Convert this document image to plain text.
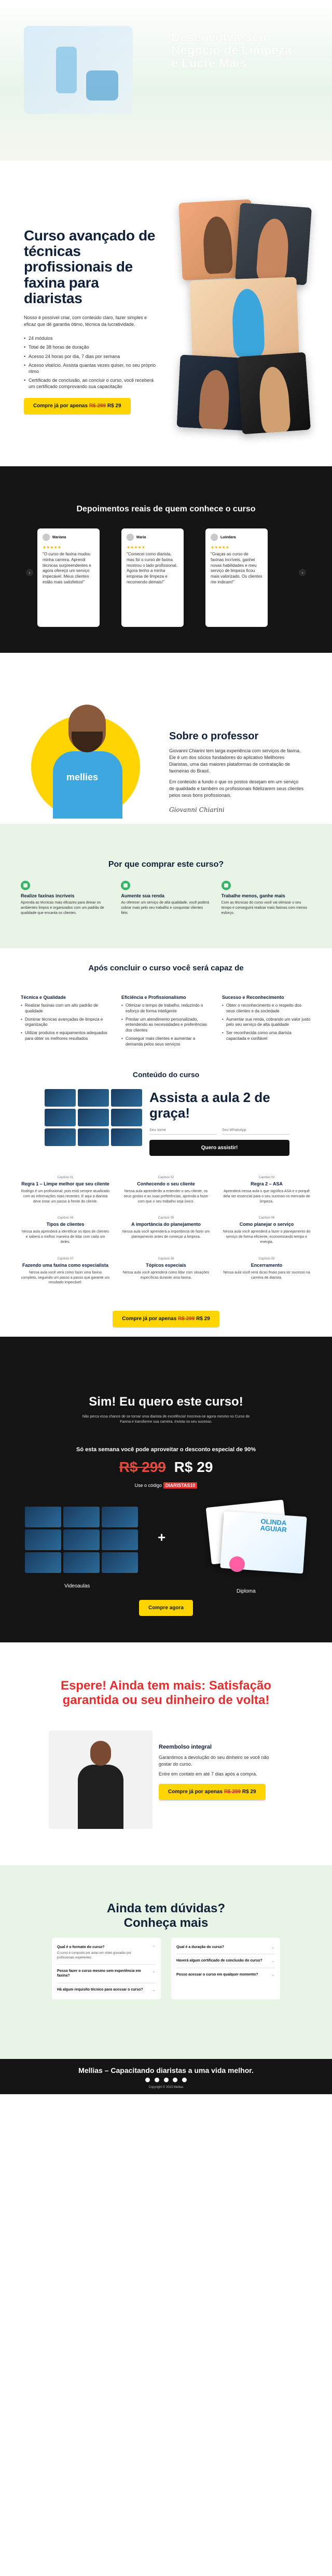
Desenvolva Seu Negócio de Limpeza e Lucre Mais
Curso avançado de técnicas profissionais de faxina para diaristas
Nosso é possível criar, com conteúdo claro, fazer simples e eficaz que dê garantia ótimo, técnica da lucratividade.
• 24 módulos
• Total de 38 horas de duração
• Acesso 24 horas por dia, 7 dias por semana
• Acesso vitalício. Assista quantas vezes quiser, no seu próprio ritmo
• Certificado de conclusão, ao concluir o curso, você receberá um certificado comprovando sua capacitação
Compre já por apenas R$ 299 R$ 29
Depoimentos reais de quem conhece o curso
‹
Mariana
★★★★★
"O curso de faxina mudou minha carreira. Aprendi técnicas surpreendentes e agora ofereço um serviço impecável. Meus clientes estão mais satisfeitos!"
Maria
★★★★★
"Comecei como diarista, mas foi o curso de faxina mostrou o lado profissional. Agora tenho a minha empresa de limpeza e recomendo demais!"
Luíndara
★★★★★
"Graças ao curso de faxinas incríveis, ganhei novas habilidades e meu serviço de limpeza ficou mais valorizado. Os clientes me indicam!"
›
mellies
Sobre o professor
Giovanni Chiarini tem larga experiência com serviços de faxina. Ele é um dos sócios fundadores do aplicativo Mellhores Diaristas, uma das maiores plataformas de contratação de faxineiras do Brasil.
Em conteúdo a fundo o que os postos desejam em um serviço de qualidade e também os profissionais fidelizarem seus clientes pelos seus bons profissionais.
Giovanni Chiarini
Por que comprar este curso?
Realize faxinas incríveis
Aprenda as técnicas mais eficazes para deixar os ambientes limpos e organizados com um padrão de qualidade que encanta os clientes.
Aumente sua renda
Ao oferecer um serviço de alta qualidade, você poderá cobrar mais pelo seu trabalho e conquistar clientes fiéis.
Trabalhe menos, ganhe mais
Com as técnicas do curso você vai otimizar o seu tempo e conseguirá realizar mais faxinas com menos esforço.
Após concluir o curso você será capaz de
Técnica e Qualidade
• Realizar faxinas com um alto padrão de qualidade
• Dominar técnicas avançadas de limpeza e organização
• Utilizar produtos e equipamentos adequados para obter os melhores resultados
Eficiência e Profissionalismo
• Otimizar o tempo de trabalho, reduzindo o esforço de forma inteligente
• Prestar um atendimento personalizado, entendendo as necessidades e preferências dos clientes
• Conseguir mais clientes e aumentar a demanda pelos seus serviços
Sucesso e Reconhecimento
• Obter o reconhecimento e o respeito dos seus clientes e da sociedade
• Aumentar sua renda, cobrando um valor justo pelo seu serviço de alta qualidade
• Ser reconhecida como uma diarista capacitada e confiável
Conteúdo do curso
Assista a aula 2 de graça!
Seu nome	Seu WhatsApp
Quero assistir!
Capítulo 01
Regra 1 – Limpe melhor que seu cliente
Rodrigo é um profissional, pois está sempre atualizado com as informações mais recentes. E aqui a diarista deve estar um passo à frente do cliente.
Capítulo 02
Conhecendo o seu cliente
Nessa aula aprenderão a entender o seu cliente, os seus gostos e as suas preferências, aprenda a fazer com que o seu trabalho seja único.
Capítulo 03
Regra 2 – ASA
Aprenderá nessa aula o que significa ASA e o porquê dela ser essencial para o seu sucesso no mercado de limpeza.
Capítulo 04
Tipos de clientes
Nessa aula aprenderá a identificar os tipos de clientes e saberá a melhor maneira de lidar com cada um deles.
Capítulo 05
A importância do planejamento
Nessa aula você aprenderá a importância de fazer um planejamento antes de começar a limpeza.
Capítulo 06
Como planejar o serviço
Nessa aula você aprenderá a fazer o planejamento do serviço de forma eficiente, economizando tempo e energia.
Capítulo 07
Fazendo uma faxina como especialista
Nessa aula você verá como fazer uma faxina completa, seguindo um passo a passo que garante um resultado impecável.
Capítulo 08
Tópicos especiais
Nessa aula você aprenderá como lidar com situações específicas durante uma faxina.
Capítulo 09
Encerramento
Nessa aula você verá dicas finais para ter sucesso na carreira de diarista.
Compre já por apenas R$ 299 R$ 29
Sim! Eu quero este curso!
Não perca essa chance de se tornar uma diarista de excelência! Inscreva-se agora mesmo no Curso de Faxina e transforme sua carreira. Invista no seu sucesso.
Só esta semana você pode aproveitar o desconto especial de 90%
R$ 299 R$ 29
Use o código DIARISTAS10
Videoaulas
+
OLINDA AGUIAR
Diploma
Compre agora
Espere! Ainda tem mais: Satisfação garantida ou seu dinheiro de volta!
Reembolso integral
Garantimos a devolução do seu dinheiro se você não gostar do curso.
Entre em contato em até 7 dias após a compra.
Compre já por apenas R$ 299 R$ 29
Ainda tem dúvidas? Conheça mais
Qual é o formato do curso?
O curso é composto por aulas em vídeo gravadas por profissionais experientes.
⌃
Posso fazer o curso mesmo sem experiência em faxina?
⌄
Há algum requisito técnico para acessar o curso?	⌄
Qual é a duração do curso?	⌄
Haverá algum certificado de conclusão do curso?	⌄
Posso acessar o curso em qualquer momento?	⌄
Mellias – Capacitando diaristas a uma vida melhor.

Copyright © 2023 Mellias
